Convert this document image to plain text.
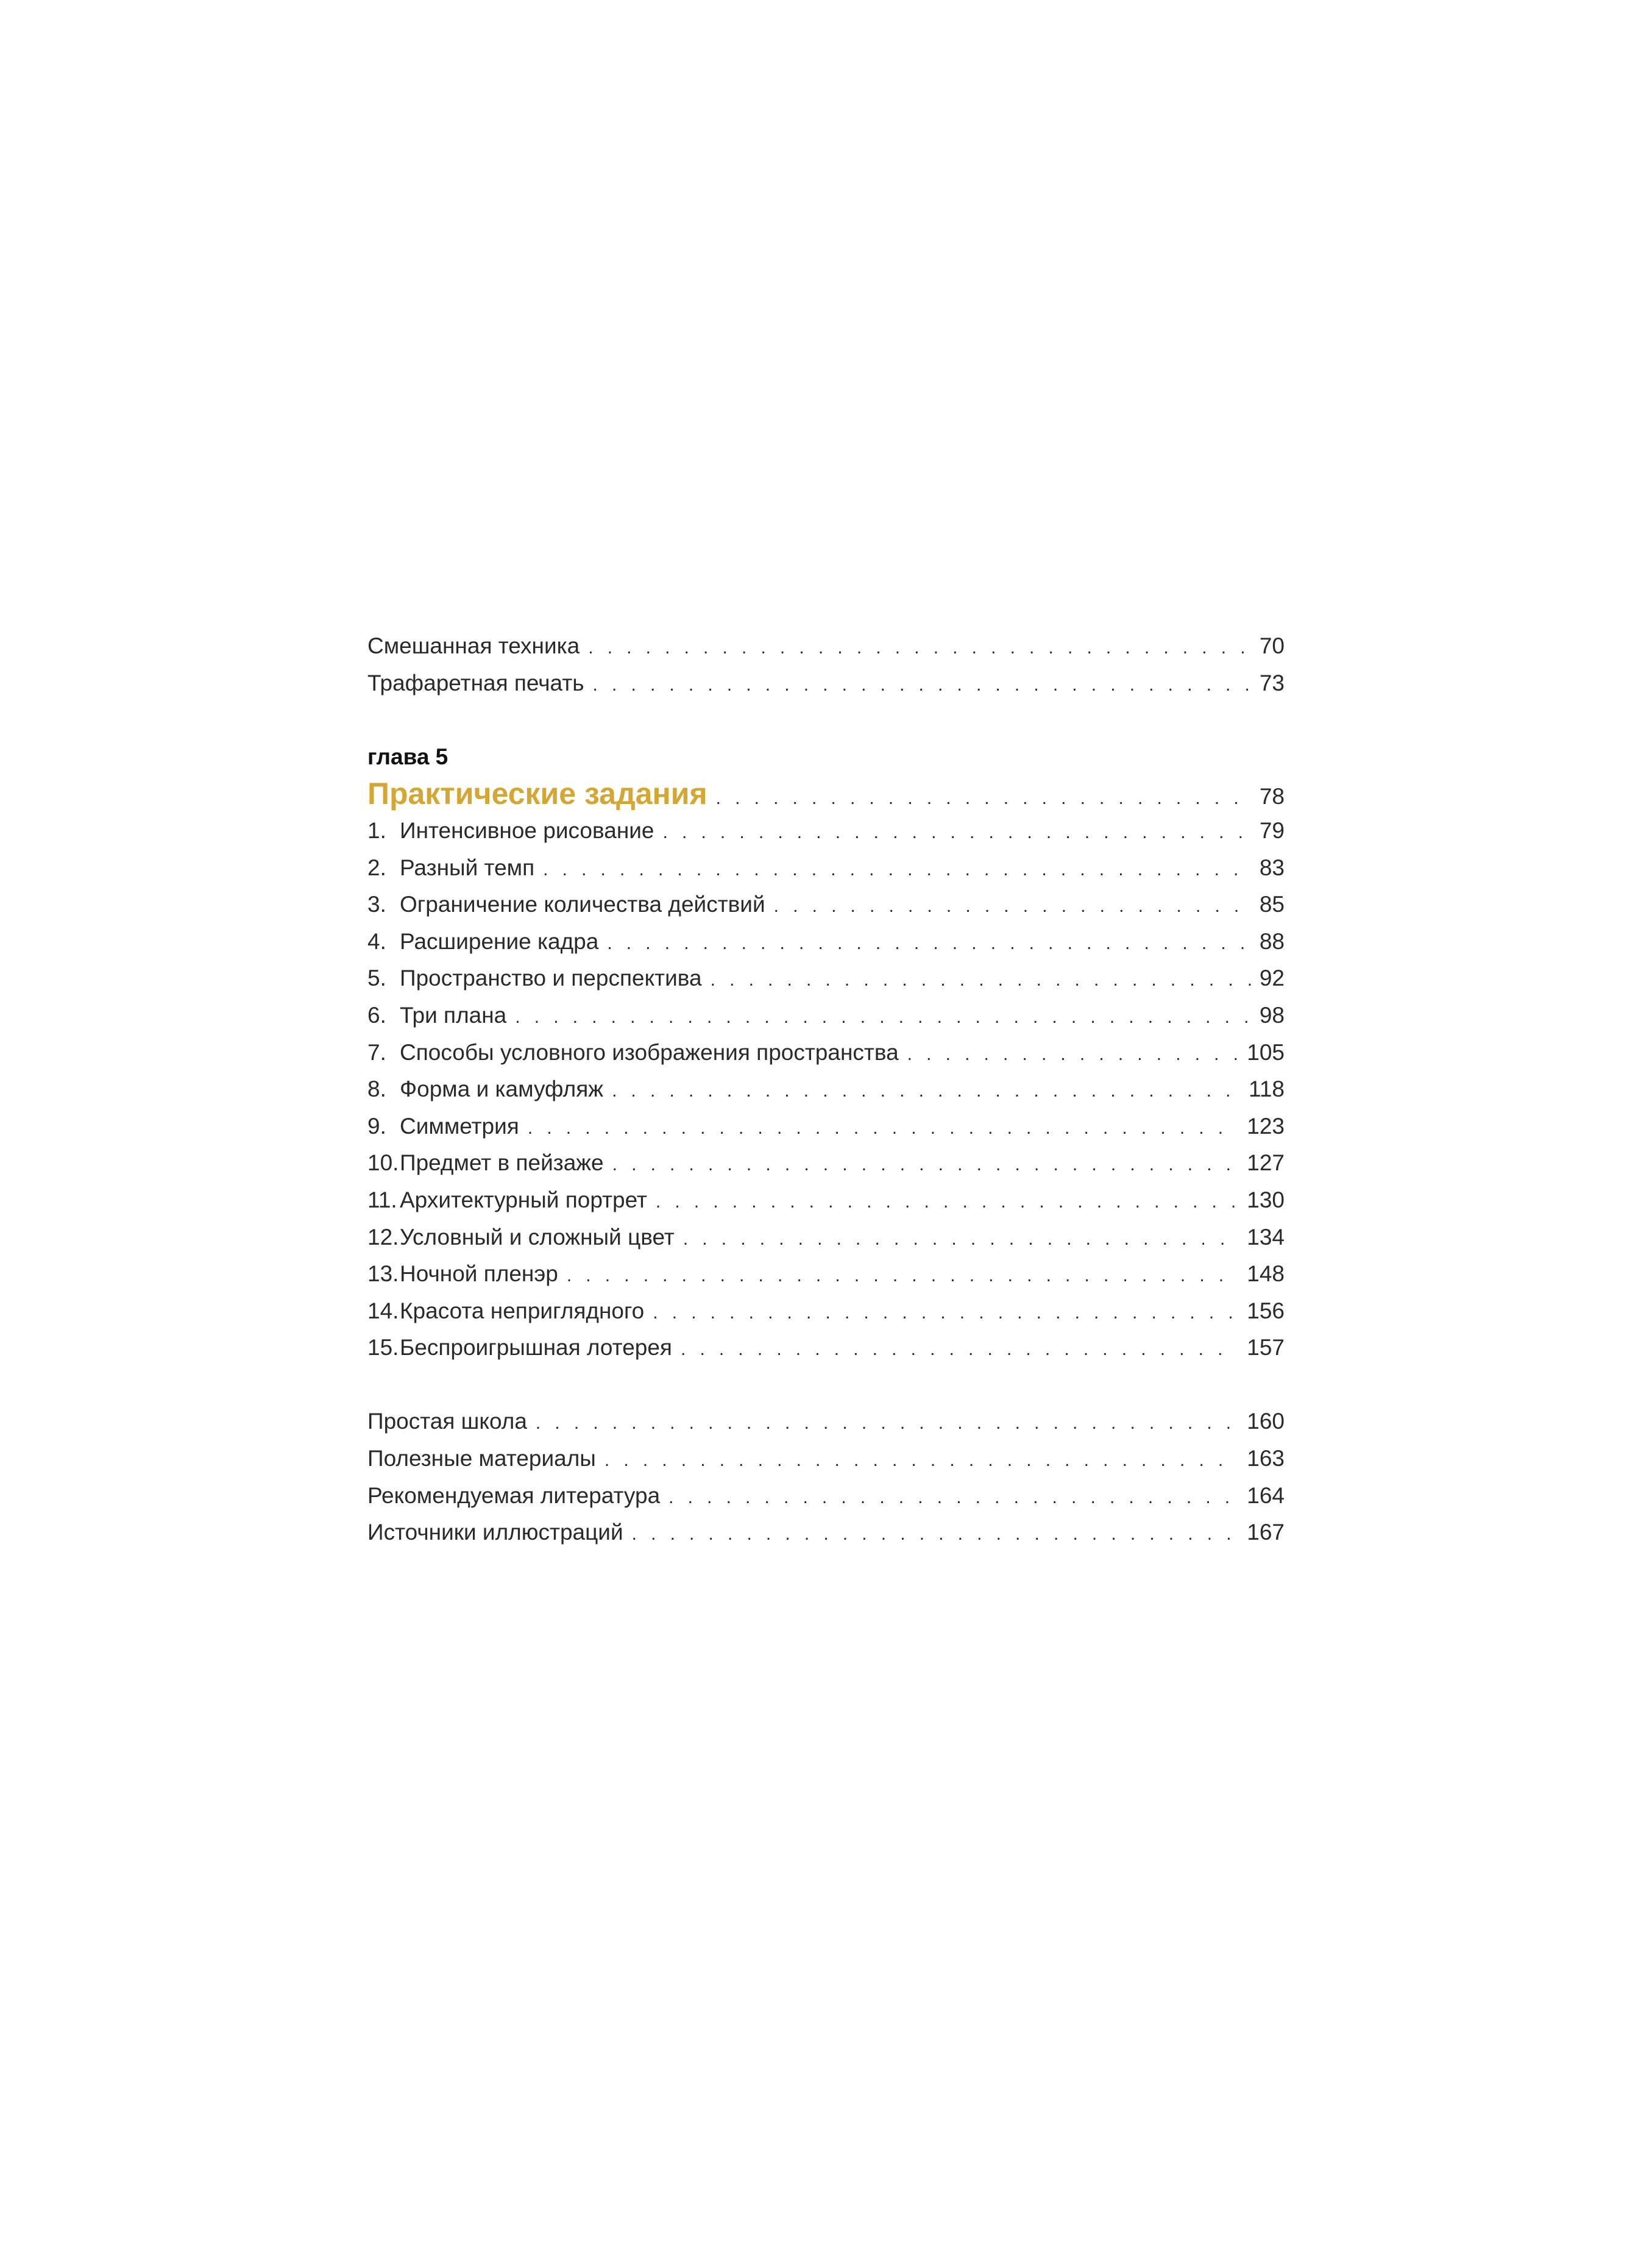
Смешанная техника . . .	70
Трафаретная печать . . .	73
глава 5
Практические задания . . .	78
1. Интенсивное рисование . . .	79
2. Разный темп . . .	83
3. Ограничение количества действий . . .	85
4. Расширение кадра . . .	88
5. Пространство и перспектива . . .	92
6. Три плана . . .	98
7. Способы условного изображения пространства . . .	105
8. Форма и камуфляж . . .	118
9. Симметрия . . .	123
10. Предмет в пейзаже . . .	127
11. Архитектурный портрет . . .	130
12. Условный и сложный цвет . . .	134
13. Ночной пленэр . . .	148
14. Красота неприглядного . . .	156
15. Беспроигрышная лотерея . . .	157
Простая школа . . .	160
Полезные материалы . . .	163
Рекомендуемая литература . . .	164
Источники иллюстраций . . .	167
